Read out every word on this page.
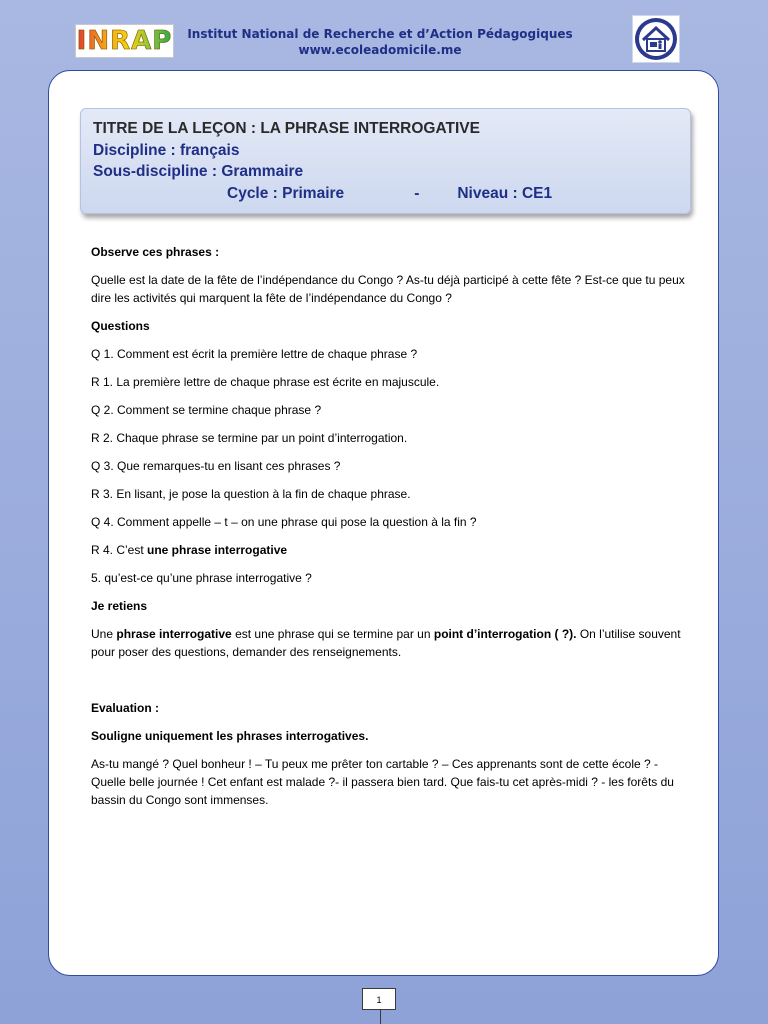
INRAP	Institut National de Recherche et d’Action Pédagogiques
www.ecoleadomicile.me
TITRE DE LA LEÇON : LA PHRASE INTERROGATIVE
Discipline : français
Sous-discipline : Grammaire
Cycle : Primaire	- Niveau : CE1

Observe ces phrases :

Quelle est la date de la fête de l’indépendance du Congo ? As-tu déjà participé à cette fête ? Est-ce que tu peux dire les activités qui marquent la fête de l’indépendance du Congo ?

Questions

Q 1. Comment est écrit la première lettre de chaque phrase ?

R 1. La première lettre de chaque phrase est écrite en majuscule.

Q 2. Comment se termine chaque phrase ?

R 2. Chaque phrase se termine par un point d’interrogation.

Q 3. Que remarques-tu en lisant ces phrases ?

R 3. En lisant, je pose la question à la fin de chaque phrase.

Q 4. Comment appelle – t – on une phrase qui pose la question à la fin ?

R 4. C’est une phrase interrogative

5. qu’est-ce qu’une phrase interrogative ?

Je retiens

Une phrase interrogative est une phrase qui se termine par un point d’interrogation ( ?). On l’utilise souvent pour poser des questions, demander des renseignements.

Evaluation :

Souligne uniquement les phrases interrogatives.

As-tu mangé ? Quel bonheur ! – Tu peux me prêter ton cartable ? – Ces apprenants sont de cette école ? - Quelle belle journée ! Cet enfant est malade ?- il passera bien tard. Que fais-tu cet après-midi ? - les forêts du bassin du Congo sont immenses.

1
